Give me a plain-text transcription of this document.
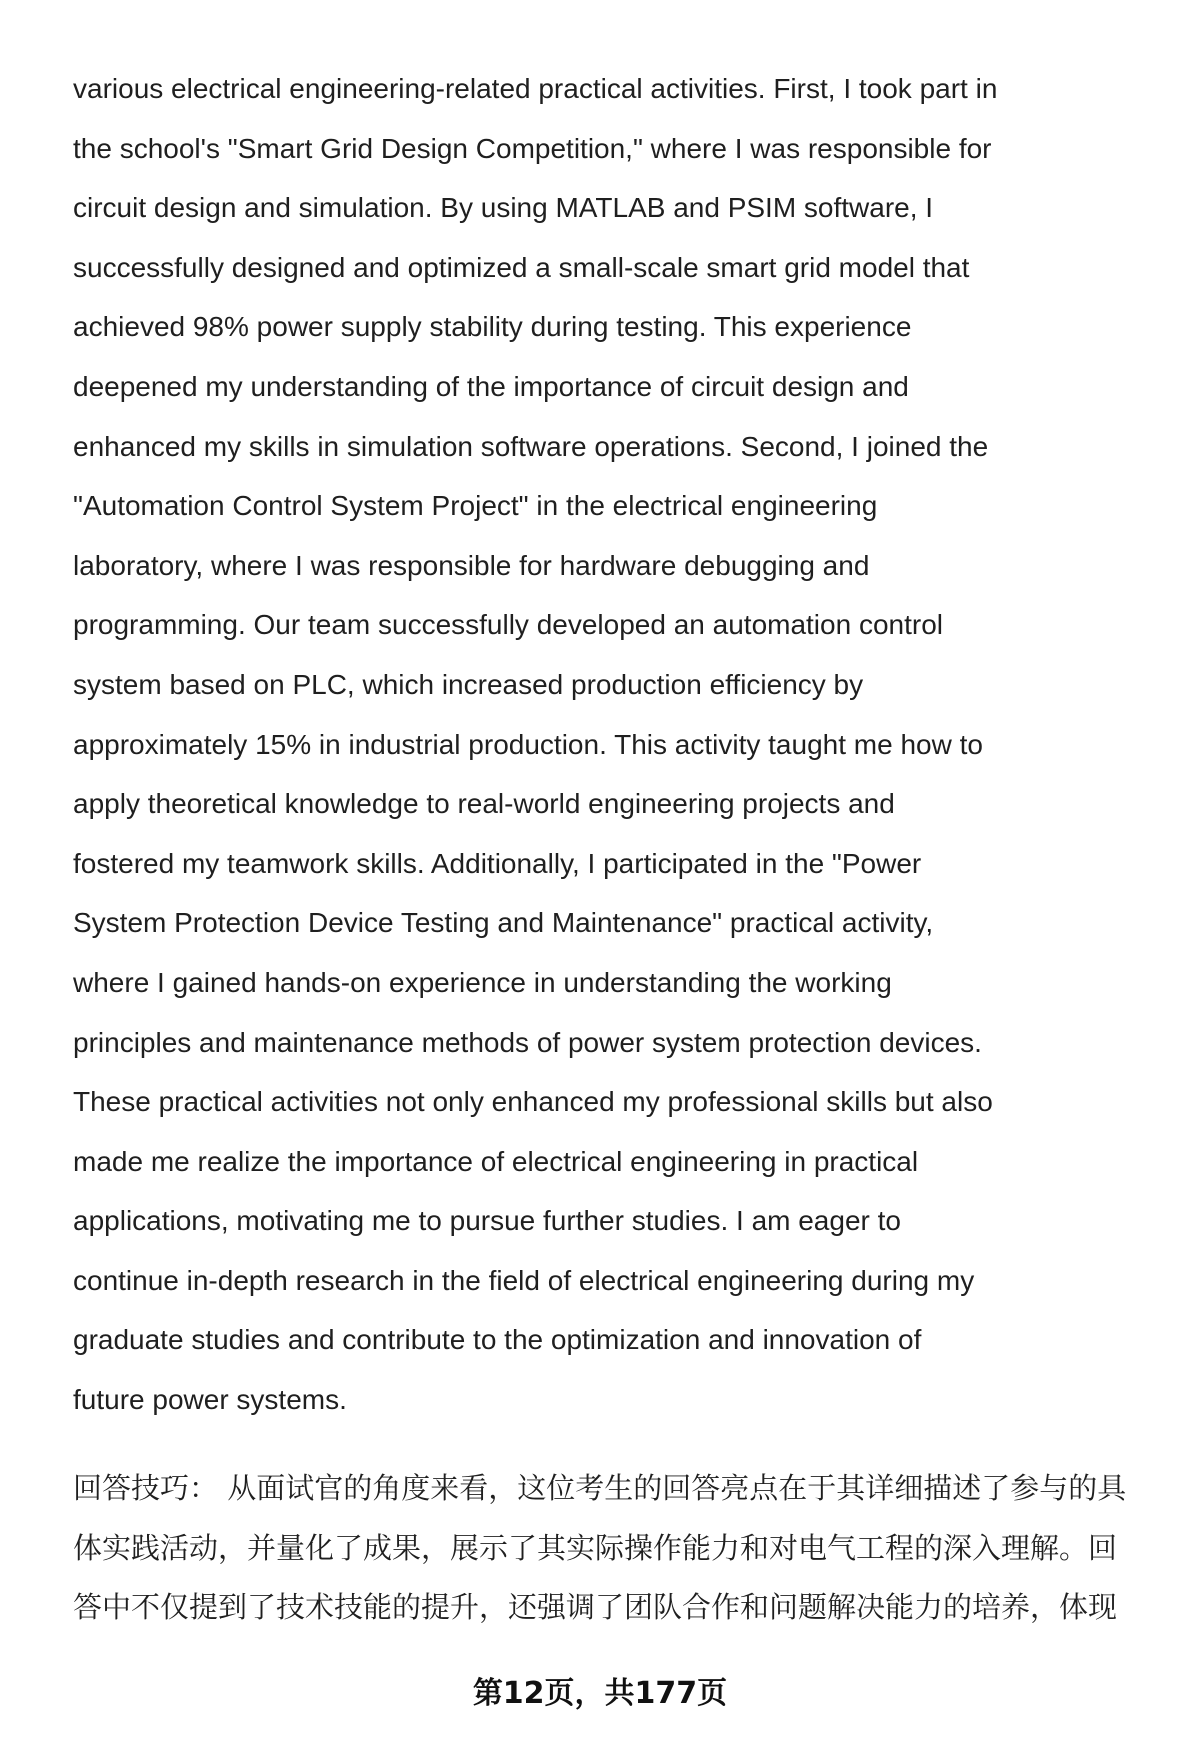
various electrical engineering-related practical activities. First, I took part in
the school's "Smart Grid Design Competition," where I was responsible for
circuit design and simulation. By using MATLAB and PSIM software, I
successfully designed and optimized a small-scale smart grid model that
achieved 98% power supply stability during testing. This experience
deepened my understanding of the importance of circuit design and
enhanced my skills in simulation software operations. Second, I joined the
"Automation Control System Project" in the electrical engineering
laboratory, where I was responsible for hardware debugging and
programming. Our team successfully developed an automation control
system based on PLC, which increased production efficiency by
approximately 15% in industrial production. This activity taught me how to
apply theoretical knowledge to real-world engineering projects and
fostered my teamwork skills. Additionally, I participated in the "Power
System Protection Device Testing and Maintenance" practical activity,
where I gained hands-on experience in understanding the working
principles and maintenance methods of power system protection devices.
These practical activities not only enhanced my professional skills but also
made me realize the importance of electrical engineering in practical
applications, motivating me to pursue further studies. I am eager to
continue in-depth research in the field of electrical engineering during my
graduate studies and contribute to the optimization and innovation of
future power systems.
回答技巧： 从面试官的角度来看，这位考生的回答亮点在于其详细描述了参与的具
体实践活动，并量化了成果，展示了其实际操作能力和对电气工程的深入理解。回
答中不仅提到了技术技能的提升，还强调了团队合作和问题解决能力的培养，体现
第12页，共177页
